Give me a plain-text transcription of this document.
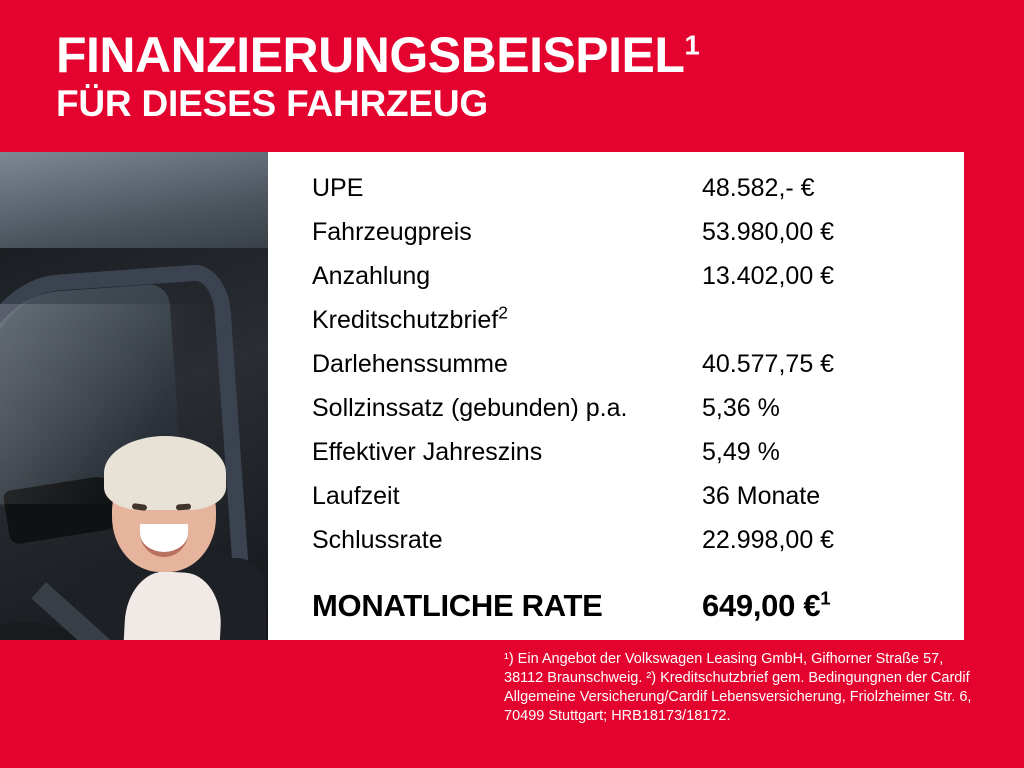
FINANZIERUNGSBEISPIEL$^1$
FÜR DIESES FAHRZEUG
UPE	48.582,- €
Fahrzeugpreis	53.980,00 €
Anzahlung	13.402,00 €
Kreditschutzbrief$^2$
Darlehenssumme	40.577,75 €
Sollzinssatz (gebunden) p.a.	5,36 %
Effektiver Jahreszins	5,49 %
Laufzeit	36 Monate
Schlussrate	22.998,00 €
MONATLICHE RATE	649,00 €$^1$

¹) Ein Angebot der Volkswagen Leasing GmbH, Gifhorner Straße 57, 38112 Braunschweig. ²) Kreditschutzbrief gem. Bedingungnen der Cardif Allgemeine Versicherung/Cardif Lebensversicherung, Friolzheimer Str. 6, 70499 Stuttgart; HRB18173/18172.
